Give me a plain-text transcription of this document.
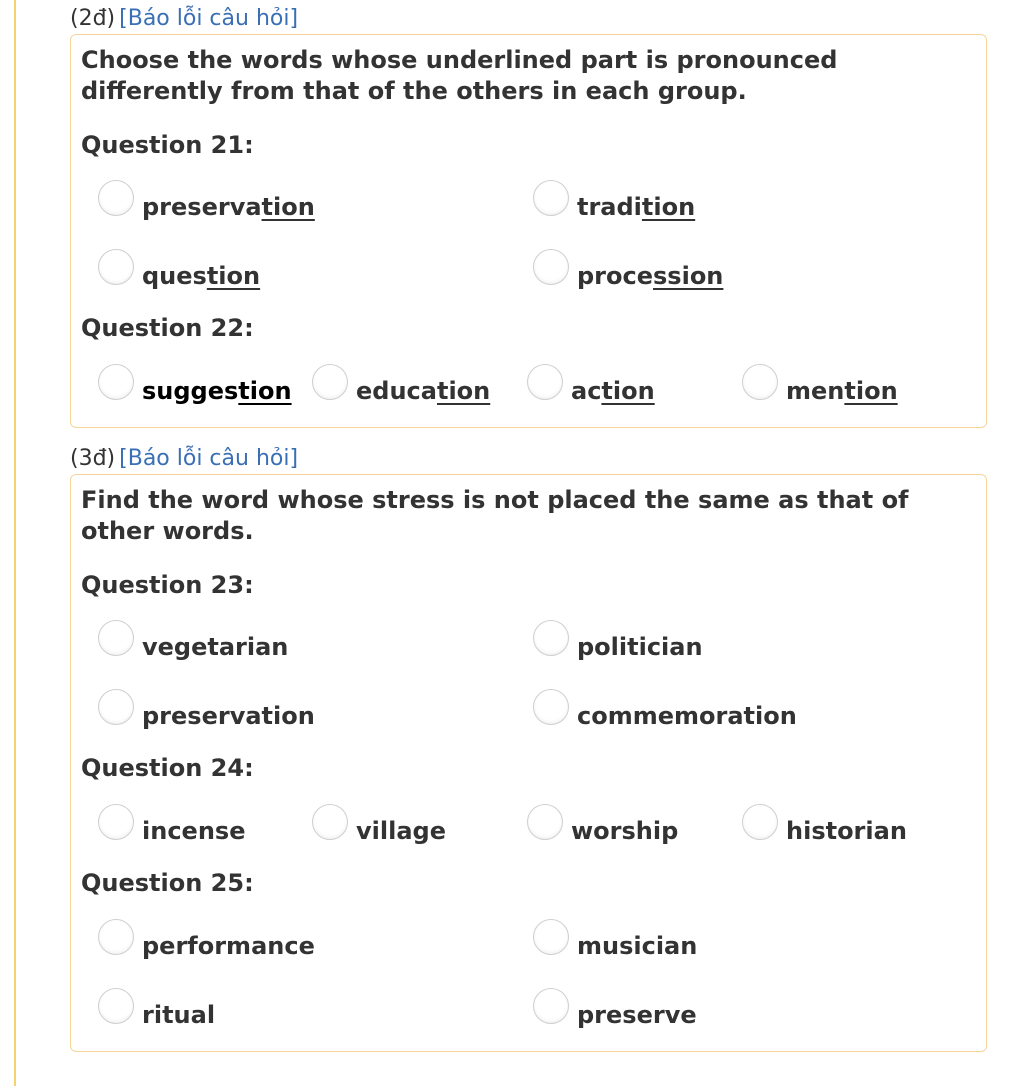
(2đ) [Báo lỗi câu hỏi]
Choose the words whose underlined part is pronounced differently from that of the others in each group.
Question 21:
preservation	tradition
question	procession
Question 22:
suggestion	education	action	mention
(3đ) [Báo lỗi câu hỏi]
Find the word whose stress is not placed the same as that of other words.
Question 23:
vegetarian	politician
preservation	commemoration
Question 24:
incense	village	worship	historian
Question 25:
performance	musician
ritual	preserve
